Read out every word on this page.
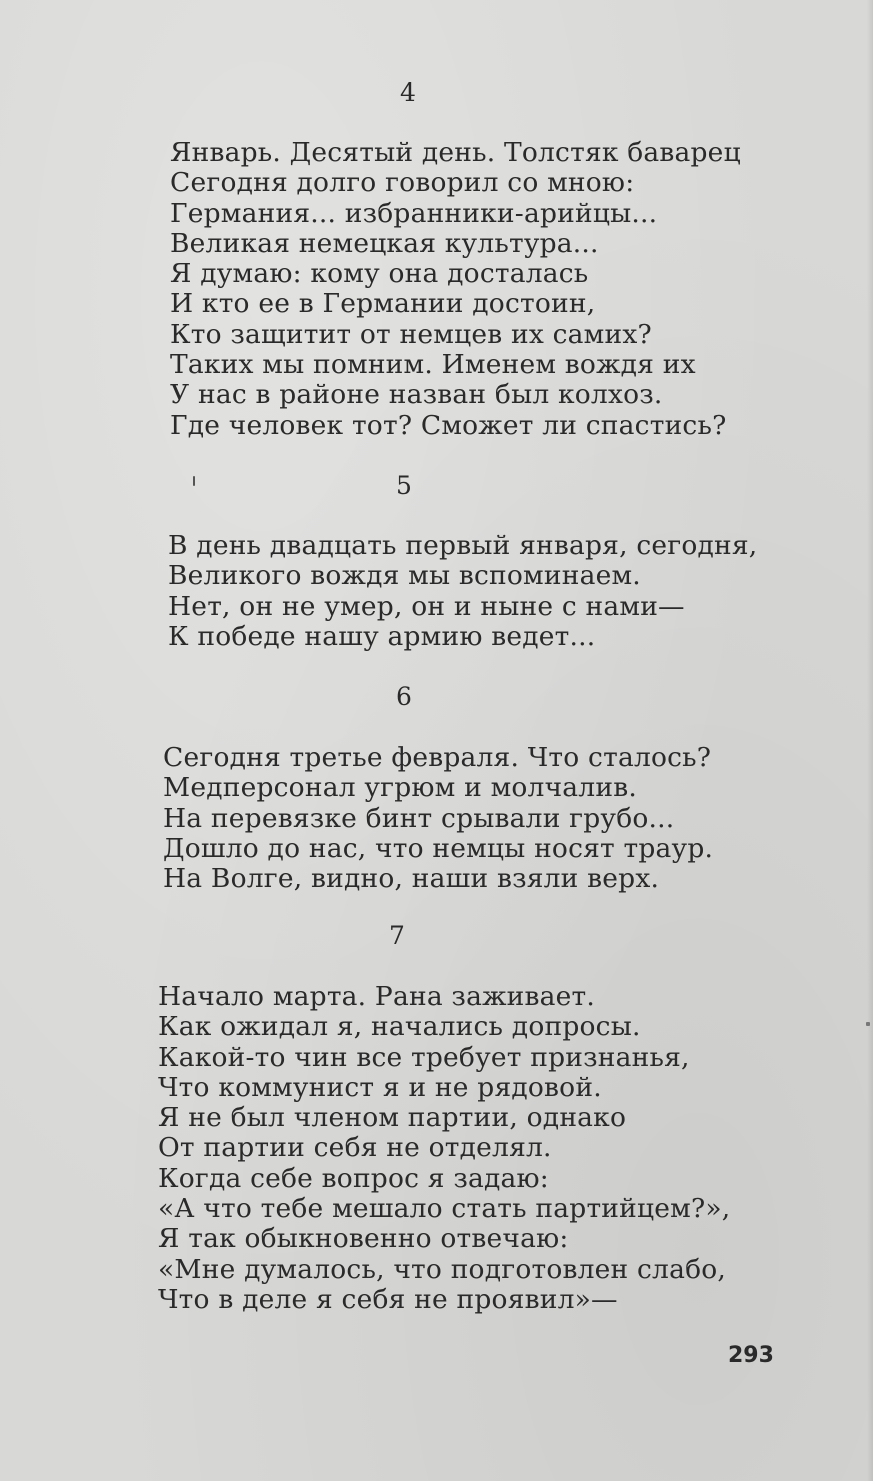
4
Январь. Десятый день. Толстяк баварец
Сегодня долго говорил со мною:
Германия... избранники-арийцы...
Великая немецкая культура...
Я думаю: кому она досталась
И кто ее в Германии достоин,
Кто защитит от немцев их самих?
Таких мы помним. Именем вождя их
У нас в районе назван был колхоз.
Где человек тот? Сможет ли спастись?
5
В день двадцать первый января, сегодня,
Великого вождя мы вспоминаем.
Нет, он не умер, он и ныне с нами—
К победе нашу армию ведет...
6
Сегодня третье февраля. Что сталось?
Медперсонал угрюм и молчалив.
На перевязке бинт срывали грубо...
Дошло до нас, что немцы носят траур.
На Волге, видно, наши взяли верх.
7
Начало марта. Рана заживает.
Как ожидал я, начались допросы.
Какой-то чин все требует признанья,
Что коммунист я и не рядовой.
Я не был членом партии, однако
От партии себя не отделял.
Когда себе вопрос я задаю:
«А что тебе мешало стать партийцем?»,
Я так обыкновенно отвечаю:
«Мне думалось, что подготовлен слабо,
Что в деле я себя не проявил»—
293
